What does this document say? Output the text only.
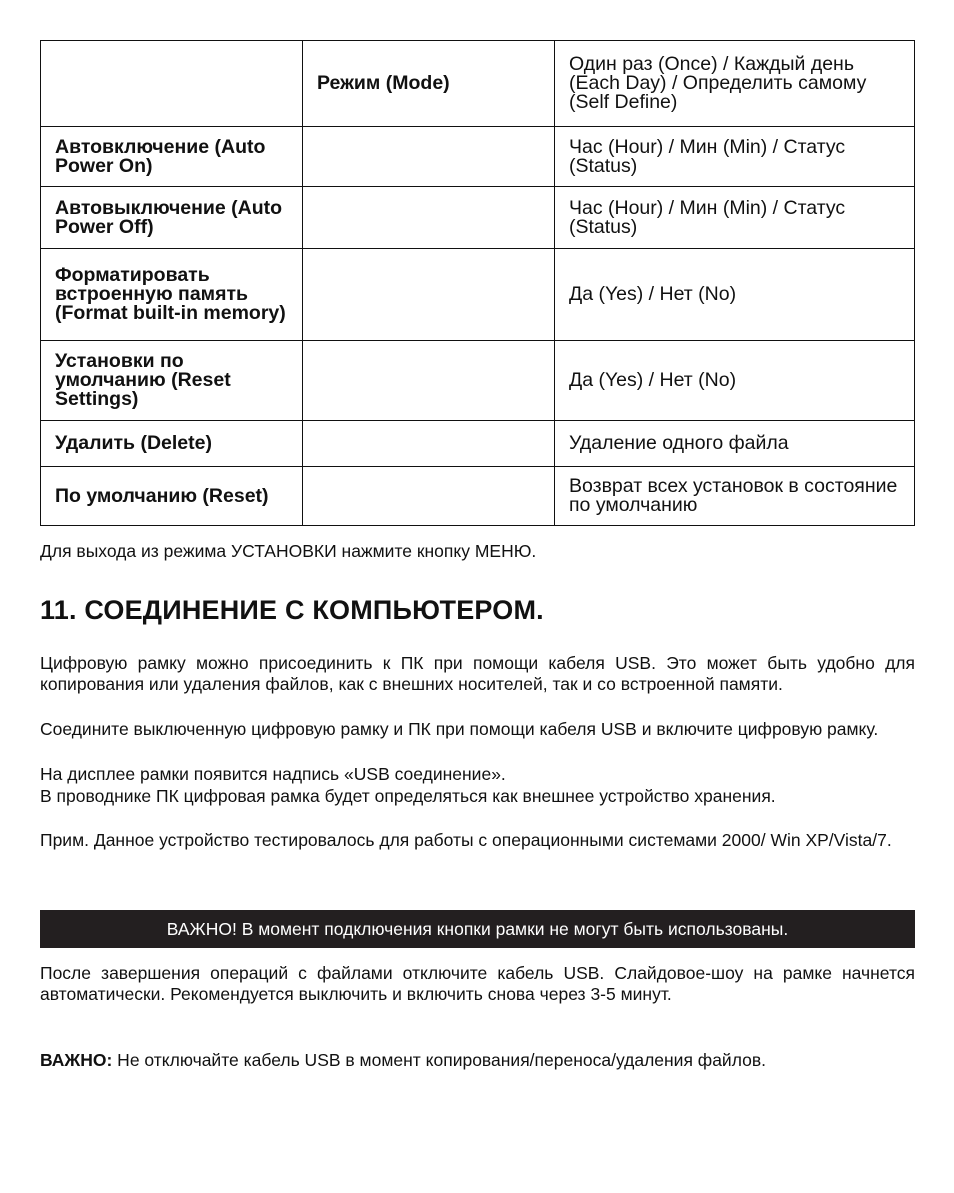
	Режим (Mode)	Один раз (Once) / Каждый день (Each Day) / Определить самому (Self Define)
Автовключение (Auto Power On)		Час (Hour) / Мин (Min) / Статус (Status)
Автовыключение (Auto Power Off)		Час (Hour) / Мин (Min) / Статус (Status)
Форматировать встроенную память (Format built-in memory)		Да (Yes) / Нет (No)
Установки по умолчанию (Reset Settings)		Да (Yes) / Нет (No)
Удалить (Delete)		Удаление одного файла
По умолчанию (Reset)		Возврат всех установок в состояние по умолчанию
Для выхода из режима УСТАНОВКИ нажмите кнопку МЕНЮ.
11. СОЕДИНЕНИЕ С КОМПЬЮТЕРОМ.
Цифровую рамку можно присоединить к ПК при помощи кабеля USB. Это может быть удобно для копирования или удаления файлов, как с внешних носителей, так и со встроенной памяти.
Соедините выключенную цифровую рамку и ПК при помощи кабеля USB и включите цифровую рамку.
На дисплее рамки появится надпись «USB соединение».
В проводнике ПК цифровая рамка будет определяться как внешнее устройство хранения.
Прим. Данное устройство тестировалось для работы с операционными системами 2000/ Win XP/Vista/7.
ВАЖНО! В момент подключения кнопки рамки не могут быть использованы.
После завершения операций с файлами отключите кабель USB. Слайдовое-шоу на рамке начнется автоматически. Рекомендуется выключить и включить снова через 3-5 минут.
ВАЖНО: Не отключайте кабель USB в момент копирования/переноса/удаления файлов.
